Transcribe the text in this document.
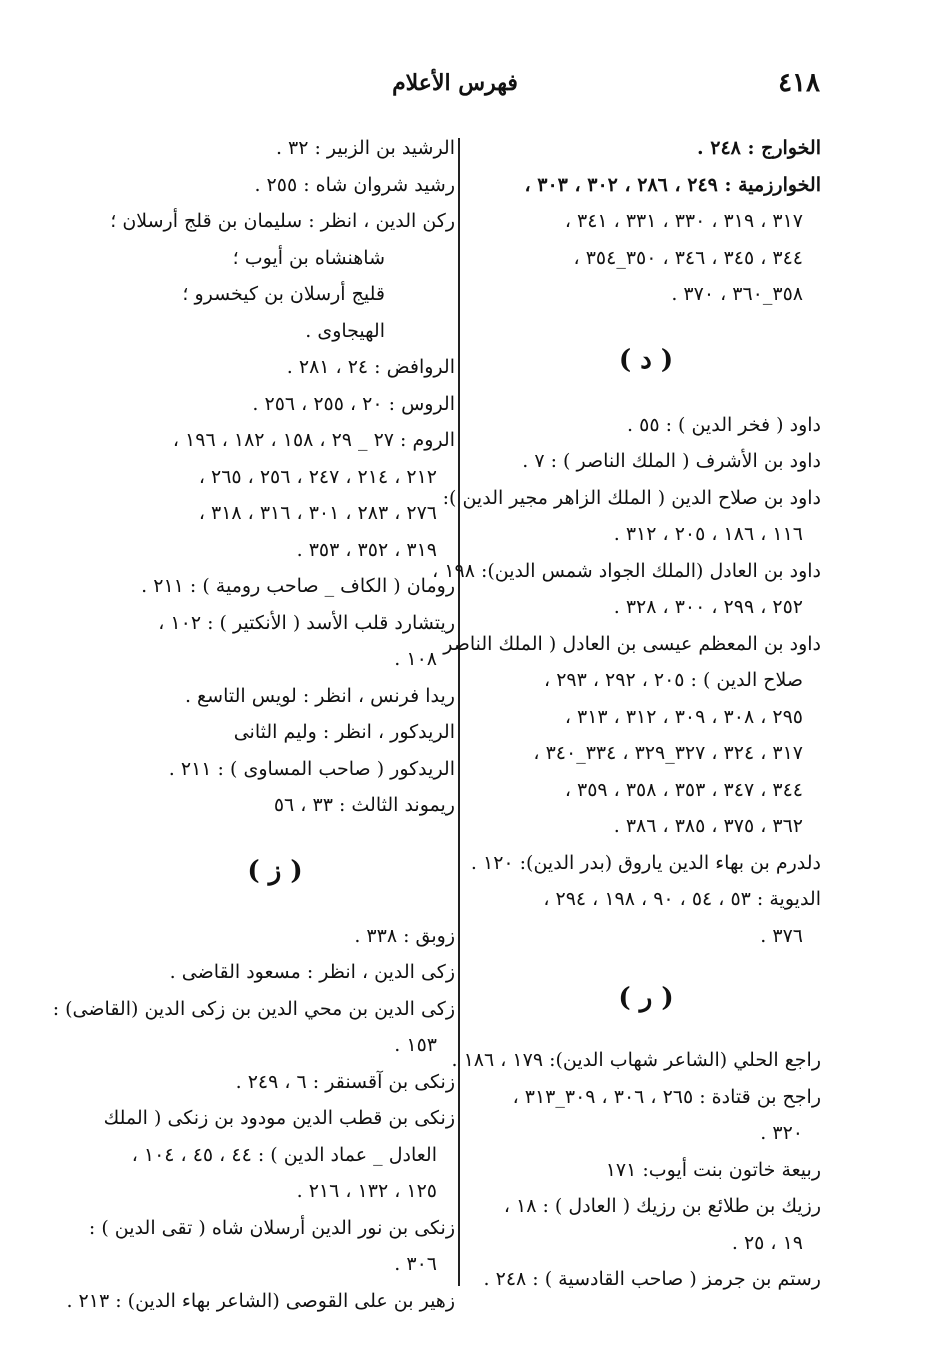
٤١٨
فهرس الأعلام
الخوارج : ٢٤٨ .
الخوارزمية : ٢٤٩ ، ٢٨٦ ، ٣٠٢ ، ٣٠٣ ،
٣١٧ ، ٣١٩ ، ٣٣٠ ، ٣٣١ ، ٣٤١ ،
٣٤٤ ، ٣٤٥ ، ٣٤٦ ، ٣٥٠_٣٥٤ ،
٣٥٨_٣٦٠ ، ٣٧٠ .
( د )
داود ( فخر الدين ) : ٥٥ .
داود بن الأشرف ( الملك الناصر ) : ٧ .
داود بن صلاح الدين ( الملك الزاهر مجير الدين ):
١١٦ ، ١٨٦ ، ٢٠٥ ، ٣١٢ .
داود بن العادل (الملك الجواد شمس الدين): ١٩٨ ،
٢٥٢ ، ٢٩٩ ، ٣٠٠ ، ٣٢٨ .
داود بن المعظم عيسى بن العادل ( الملك الناصر
صلاح الدين ) : ٢٠٥ ، ٢٩٢ ، ٢٩٣ ،
٢٩٥ ، ٣٠٨ ، ٣٠٩ ، ٣١٢ ، ٣١٣ ،
٣١٧ ، ٣٢٤ ، ٣٢٧_٣٢٩ ، ٣٣٤_٣٤٠ ،
٣٤٤ ، ٣٤٧ ، ٣٥٣ ، ٣٥٨ ، ٣٥٩ ،
٣٦٢ ، ٣٧٥ ، ٣٨٥ ، ٣٨٦ .
دلدرم بن بهاء الدين ياروق (بدر الدين): ١٢٠ .
الديوية : ٥٣ ، ٥٤ ، ٩٠ ، ١٩٨ ، ٢٩٤ ،
٣٧٦ .
( ر )
راجع الحلي (الشاعر شهاب الدين): ١٧٩ ، ١٨٦ .
راجح بن قتادة : ٢٦٥ ، ٣٠٦ ، ٣٠٩_٣١٣ ،
٣٢٠ .
ربيعة خاتون بنت أيوب: ١٧١
رزيك بن طلائع بن رزيك ( العادل ) : ١٨ ،
١٩ ، ٢٥ .
رستم بن جرمز ( صاحب القادسية ) : ٢٤٨ .
الرشيد بن الزبير : ٣٢ .
رشيد شروان شاه : ٢٥٥ .
ركن الدين ، انظر : سليمان بن قلج أرسلان ؛
شاهنشاه بن أيوب ؛
قليج أرسلان بن كيخسرو ؛
الهيجاوى .
الروافض : ٢٤ ، ٢٨١ .
الروس : ٢٠ ، ٢٥٥ ، ٢٥٦ .
الروم : ٢٧ _ ٢٩ ، ١٥٨ ، ١٨٢ ، ١٩٦ ،
٢١٢ ، ٢١٤ ، ٢٤٧ ، ٢٥٦ ، ٢٦٥ ،
٢٧٦ ، ٢٨٣ ، ٣٠١ ، ٣١٦ ، ٣١٨ ،
٣١٩ ، ٣٥٢ ، ٣٥٣ .
رومان ( الكاف _ صاحب رومية ) : ٢١١ .
ريتشارد قلب الأسد ( الأنكتير ) : ١٠٢ ،
١٠٨ .
ريدا فرنس ، انظر : لويس التاسع .
الريدكور ، انظر : وليم الثانى
الريدكور ( صاحب المساوى ) : ٢١١ .
ريموند الثالث : ٣٣ ، ٥٦
( ز )
زوبق : ٣٣٨ .
زكى الدين ، انظر : مسعود القاضى .
زكى الدين بن محي الدين بن زكى الدين (القاضى) :
١٥٣ .
زنكى بن آقسنقر : ٦ ، ٢٤٩ .
زنكى بن قطب الدين مودود بن زنكى ( الملك
العادل _ عماد الدين ) : ٤٤ ، ٤٥ ، ١٠٤ ،
١٢٥ ، ١٣٢ ، ٢١٦ .
زنكى بن نور الدين أرسلان شاه ( تقى الدين ) :
٣٠٦ .
زهير بن على القوصى (الشاعر بهاء الدين) : ٢١٣ .
